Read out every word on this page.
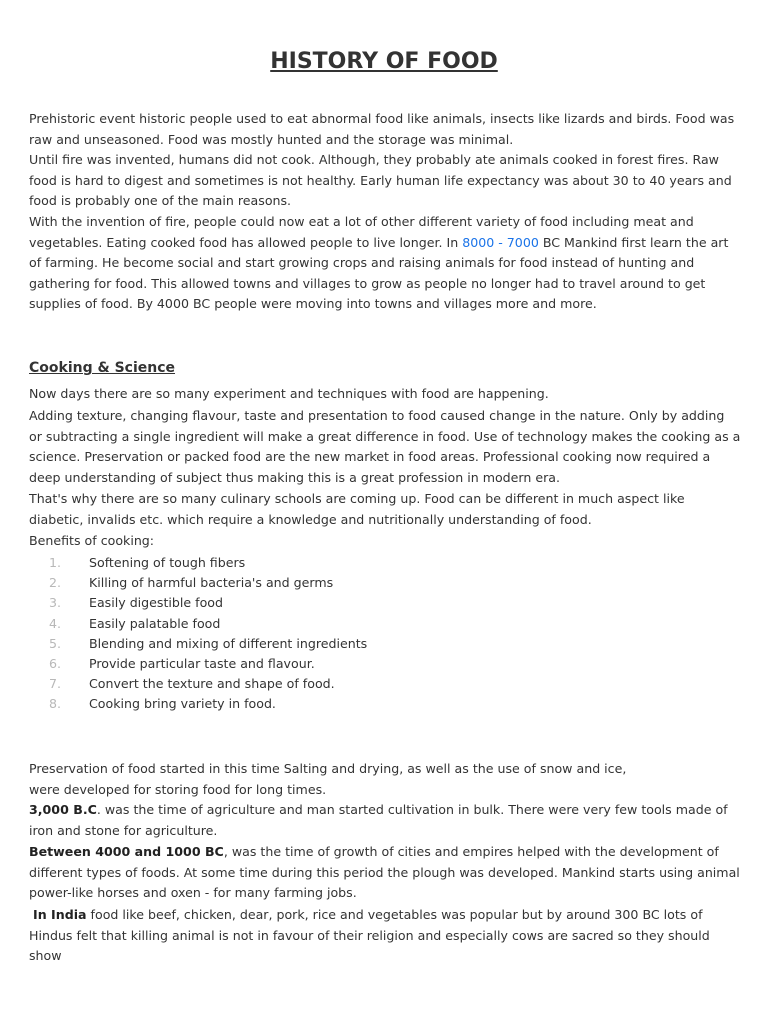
HISTORY OF FOOD

Prehistoric event historic people used to eat abnormal food like animals, insects like lizards and birds. Food was raw and unseasoned. Food was mostly hunted and the storage was minimal.

Until fire was invented, humans did not cook. Although, they probably ate animals cooked in forest fires. Raw food is hard to digest and sometimes is not healthy. Early human life expectancy was about 30 to 40 years and food is probably one of the main reasons.

With the invention of fire, people could now eat a lot of other different variety of food including meat and vegetables. Eating cooked food has allowed people to live longer. In 8000 - 7000 BC Mankind first learn the art of farming. He become social and start growing crops and raising animals for food instead of hunting and gathering for food. This allowed towns and villages to grow as people no longer had to travel around to get supplies of food. By 4000 BC people were moving into towns and villages more and more.

Cooking & Science

Now days there are so many experiment and techniques with food are happening.

Adding texture, changing flavour, taste and presentation to food caused change in the nature. Only by adding or subtracting a single ingredient will make a great difference in food. Use of technology makes the cooking as a science. Preservation or packed food are the new market in food areas. Professional cooking now required a deep understanding of subject thus making this is a great profession in modern era.

That's why there are so many culinary schools are coming up. Food can be different in much aspect like diabetic, invalids etc. which require a knowledge and nutritionally understanding of food.

Benefits of cooking:

1.	Softening of tough fibers
2.	Killing of harmful bacteria's and germs
3.	Easily digestible food
4.	Easily palatable food
5.	Blending and mixing of different ingredients
6.	Provide particular taste and flavour.
7.	Convert the texture and shape of food.
8.	Cooking bring variety in food.

Preservation of food started in this time Salting and drying, as well as the use of snow and ice,
were developed for storing food for long times.

3,000 B.C. was the time of agriculture and man started cultivation in bulk. There were very few tools made of iron and stone for agriculture.

Between 4000 and 1000 BC, was the time of growth of cities and empires helped with the development of different types of foods. At some time during this period the plough was developed. Mankind starts using animal power-like horses and oxen - for many farming jobs.

In India food like beef, chicken, dear, pork, rice and vegetables was popular but by around 300 BC lots of Hindus felt that killing animal is not in favour of their religion and especially cows are sacred so they should show
